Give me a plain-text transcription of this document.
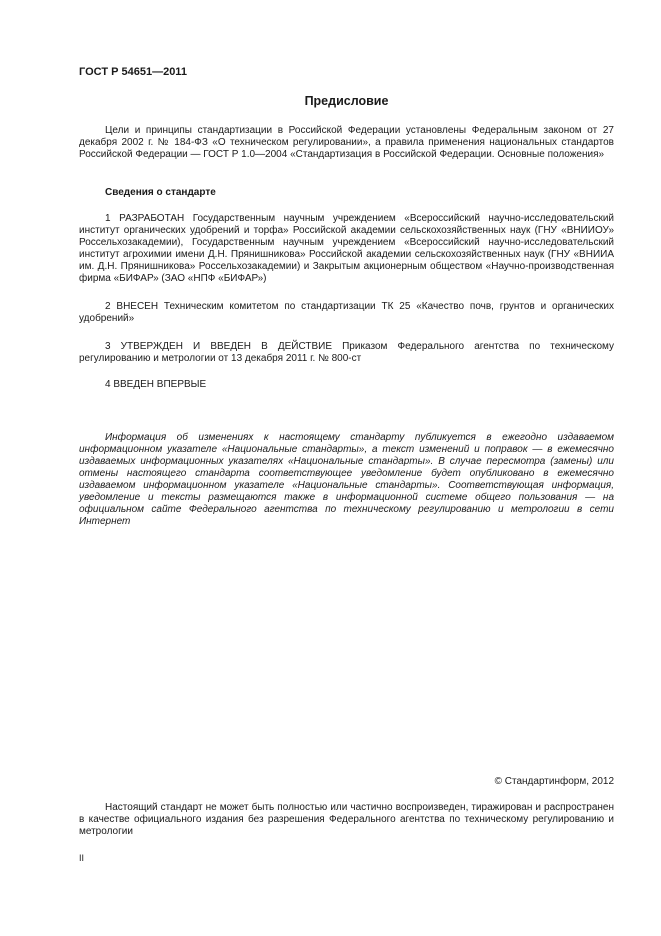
ГОСТ Р 54651—2011
Предисловие

Цели и принципы стандартизации в Российской Федерации установлены Федеральным законом от 27 декабря 2002 г. № 184-ФЗ «О техническом регулировании», а правила применения национальных стандартов Российской Федерации — ГОСТ Р 1.0—2004 «Стандартизация в Российской Федерации. Основные положения»

Сведения о стандарте

1 РАЗРАБОТАН Государственным научным учреждением «Всероссийский научно-исследовательский институт органических удобрений и торфа» Российской академии сельскохозяйственных наук (ГНУ «ВНИИОУ» Россельхозакадемии), Государственным научным учреждением «Всероссийский научно-исследовательский институт агрохимии имени Д.Н. Прянишникова» Российской академии сельскохозяйственных наук (ГНУ «ВНИИА им. Д.Н. Прянишникова» Россельхозакадемии) и Закрытым акционерным обществом «Научно-производственная фирма «БИФАР» (ЗАО «НПФ «БИФАР»)

2 ВНЕСЕН Техническим комитетом по стандартизации ТК 25 «Качество почв, грунтов и органических удобрений»

3 УТВЕРЖДЕН И ВВЕДЕН В ДЕЙСТВИЕ Приказом Федерального агентства по техническому регулированию и метрологии от 13 декабря 2011 г. № 800-ст

4 ВВЕДЕН ВПЕРВЫЕ

Информация об изменениях к настоящему стандарту публикуется в ежегодно издаваемом информационном указателе «Национальные стандарты», а текст изменений и поправок — в ежемесячно издаваемых информационных указателях «Национальные стандарты». В случае пересмотра (замены) или отмены настоящего стандарта соответствующее уведомление будет опубликовано в ежемесячно издаваемом информационном указателе «Национальные стандарты». Соответствующая информация, уведомление и тексты размещаются также в информационной системе общего пользования — на официальном сайте Федерального агентства по техническому регулированию и метрологии в сети Интернет

© Стандартинформ, 2012

Настоящий стандарт не может быть полностью или частично воспроизведен, тиражирован и распространен в качестве официального издания без разрешения Федерального агентства по техническому регулированию и метрологии

II
